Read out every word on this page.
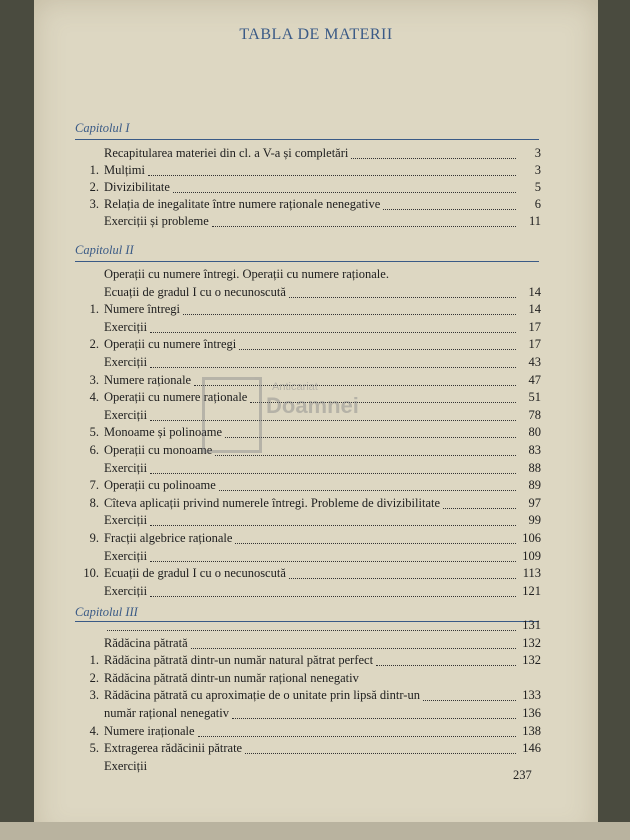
TABLA DE MATERII
Capitolul I
Recapitularea materiei din cl. a V-a și completări	3
1. Mulțimi	3
2. Divizibilitate	5
3. Relația de inegalitate între numere raționale nenegative	6
Exerciții și probleme	11
Capitolul II
Operații cu numere întregi. Operații cu numere raționale.
Ecuații de gradul I cu o necunoscută	14
1. Numere întregi	14
Exerciții	17
2. Operații cu numere întregi	17
Exerciții	43
3. Numere raționale	47
4. Operații cu numere raționale	51
Exerciții	78
5. Monoame și polinoame	80
6. Operații cu monoame	83
Exerciții	88
7. Operații cu polinoame	89
8. Cîteva aplicații privind numerele întregi. Probleme de divizibilitate	97
Exerciții	99
9. Fracții algebrice raționale	106
Exerciții	109
10. Ecuații de gradul I cu o necunoscută	113
Exerciții	121
Capitolul III
131
Rădăcina pătrată	132
1. Rădăcina pătrată dintr-un număr natural pătrat perfect	132
2. Rădăcina pătrată dintr-un număr rațional nenegativ
3. Rădăcina pătrată cu aproximație de o unitate prin lipsă dintr-un	133
număr rațional nenegativ	136
4. Numere iraționale	138
5. Extragerea rădăcinii pătrate	146
Exerciții
237
Anticariat
Doamnei
